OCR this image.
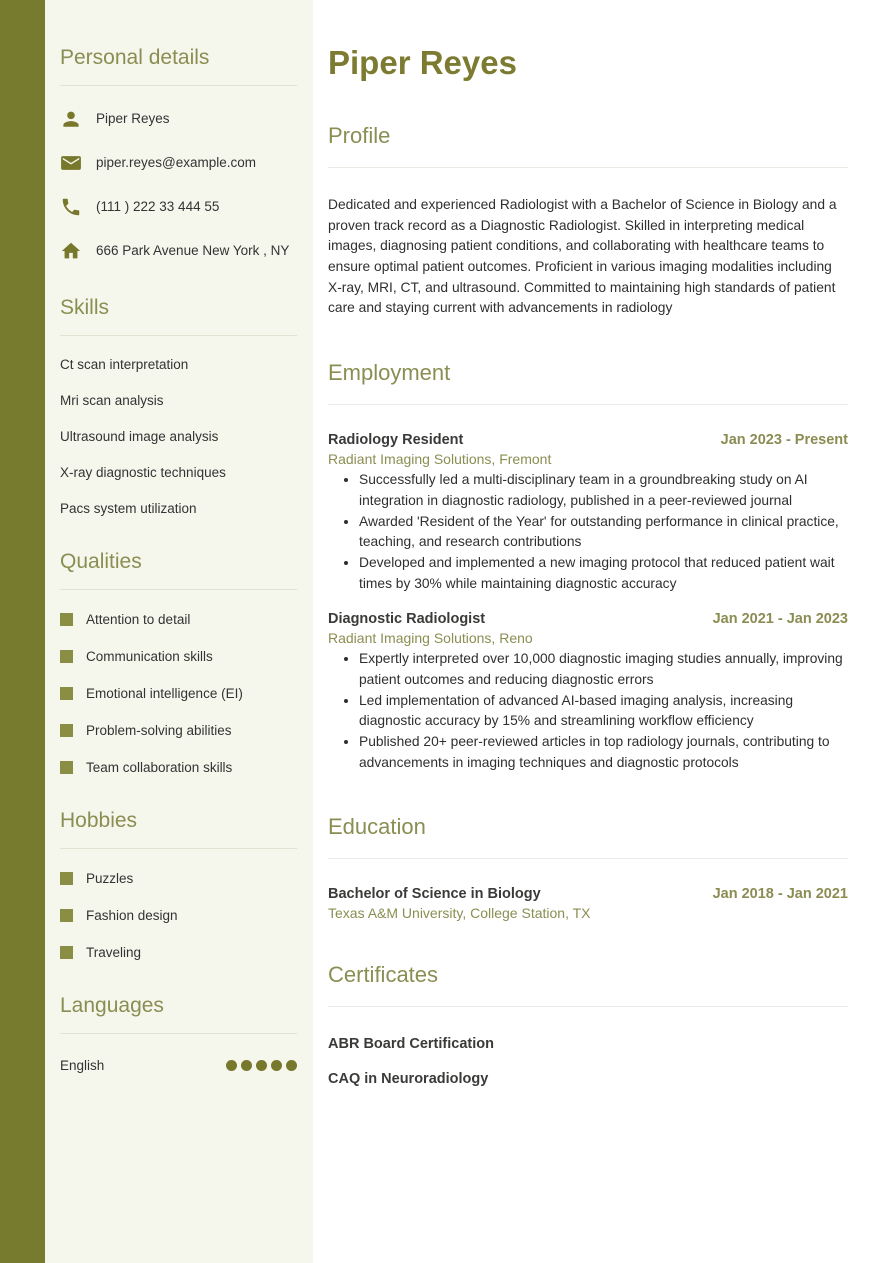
Personal details
Piper Reyes
piper.reyes@example.com
(111 ) 222 33 444 55
666 Park Avenue New York , NY
Skills
Ct scan interpretation
Mri scan analysis
Ultrasound image analysis
X-ray diagnostic techniques
Pacs system utilization
Qualities
Attention to detail
Communication skills
Emotional intelligence (EI)
Problem-solving abilities
Team collaboration skills
Hobbies
Puzzles
Fashion design
Traveling
Languages
English
Piper Reyes
Profile
Dedicated and experienced Radiologist with a Bachelor of Science in Biology and a proven track record as a Diagnostic Radiologist. Skilled in interpreting medical images, diagnosing patient conditions, and collaborating with healthcare teams to ensure optimal patient outcomes. Proficient in various imaging modalities including X-ray, MRI, CT, and ultrasound. Committed to maintaining high standards of patient care and staying current with advancements in radiology
Employment
Radiology Resident	Jan 2023 - Present
Radiant Imaging Solutions, Fremont
• Successfully led a multi-disciplinary team in a groundbreaking study on AI integration in diagnostic radiology, published in a peer-reviewed journal
• Awarded 'Resident of the Year' for outstanding performance in clinical practice, teaching, and research contributions
• Developed and implemented a new imaging protocol that reduced patient wait times by 30% while maintaining diagnostic accuracy
Diagnostic Radiologist	Jan 2021 - Jan 2023
Radiant Imaging Solutions, Reno
• Expertly interpreted over 10,000 diagnostic imaging studies annually, improving patient outcomes and reducing diagnostic errors
• Led implementation of advanced AI-based imaging analysis, increasing diagnostic accuracy by 15% and streamlining workflow efficiency
• Published 20+ peer-reviewed articles in top radiology journals, contributing to advancements in imaging techniques and diagnostic protocols
Education
Bachelor of Science in Biology	Jan 2018 - Jan 2021
Texas A&M University, College Station, TX
Certificates
ABR Board Certification
CAQ in Neuroradiology
